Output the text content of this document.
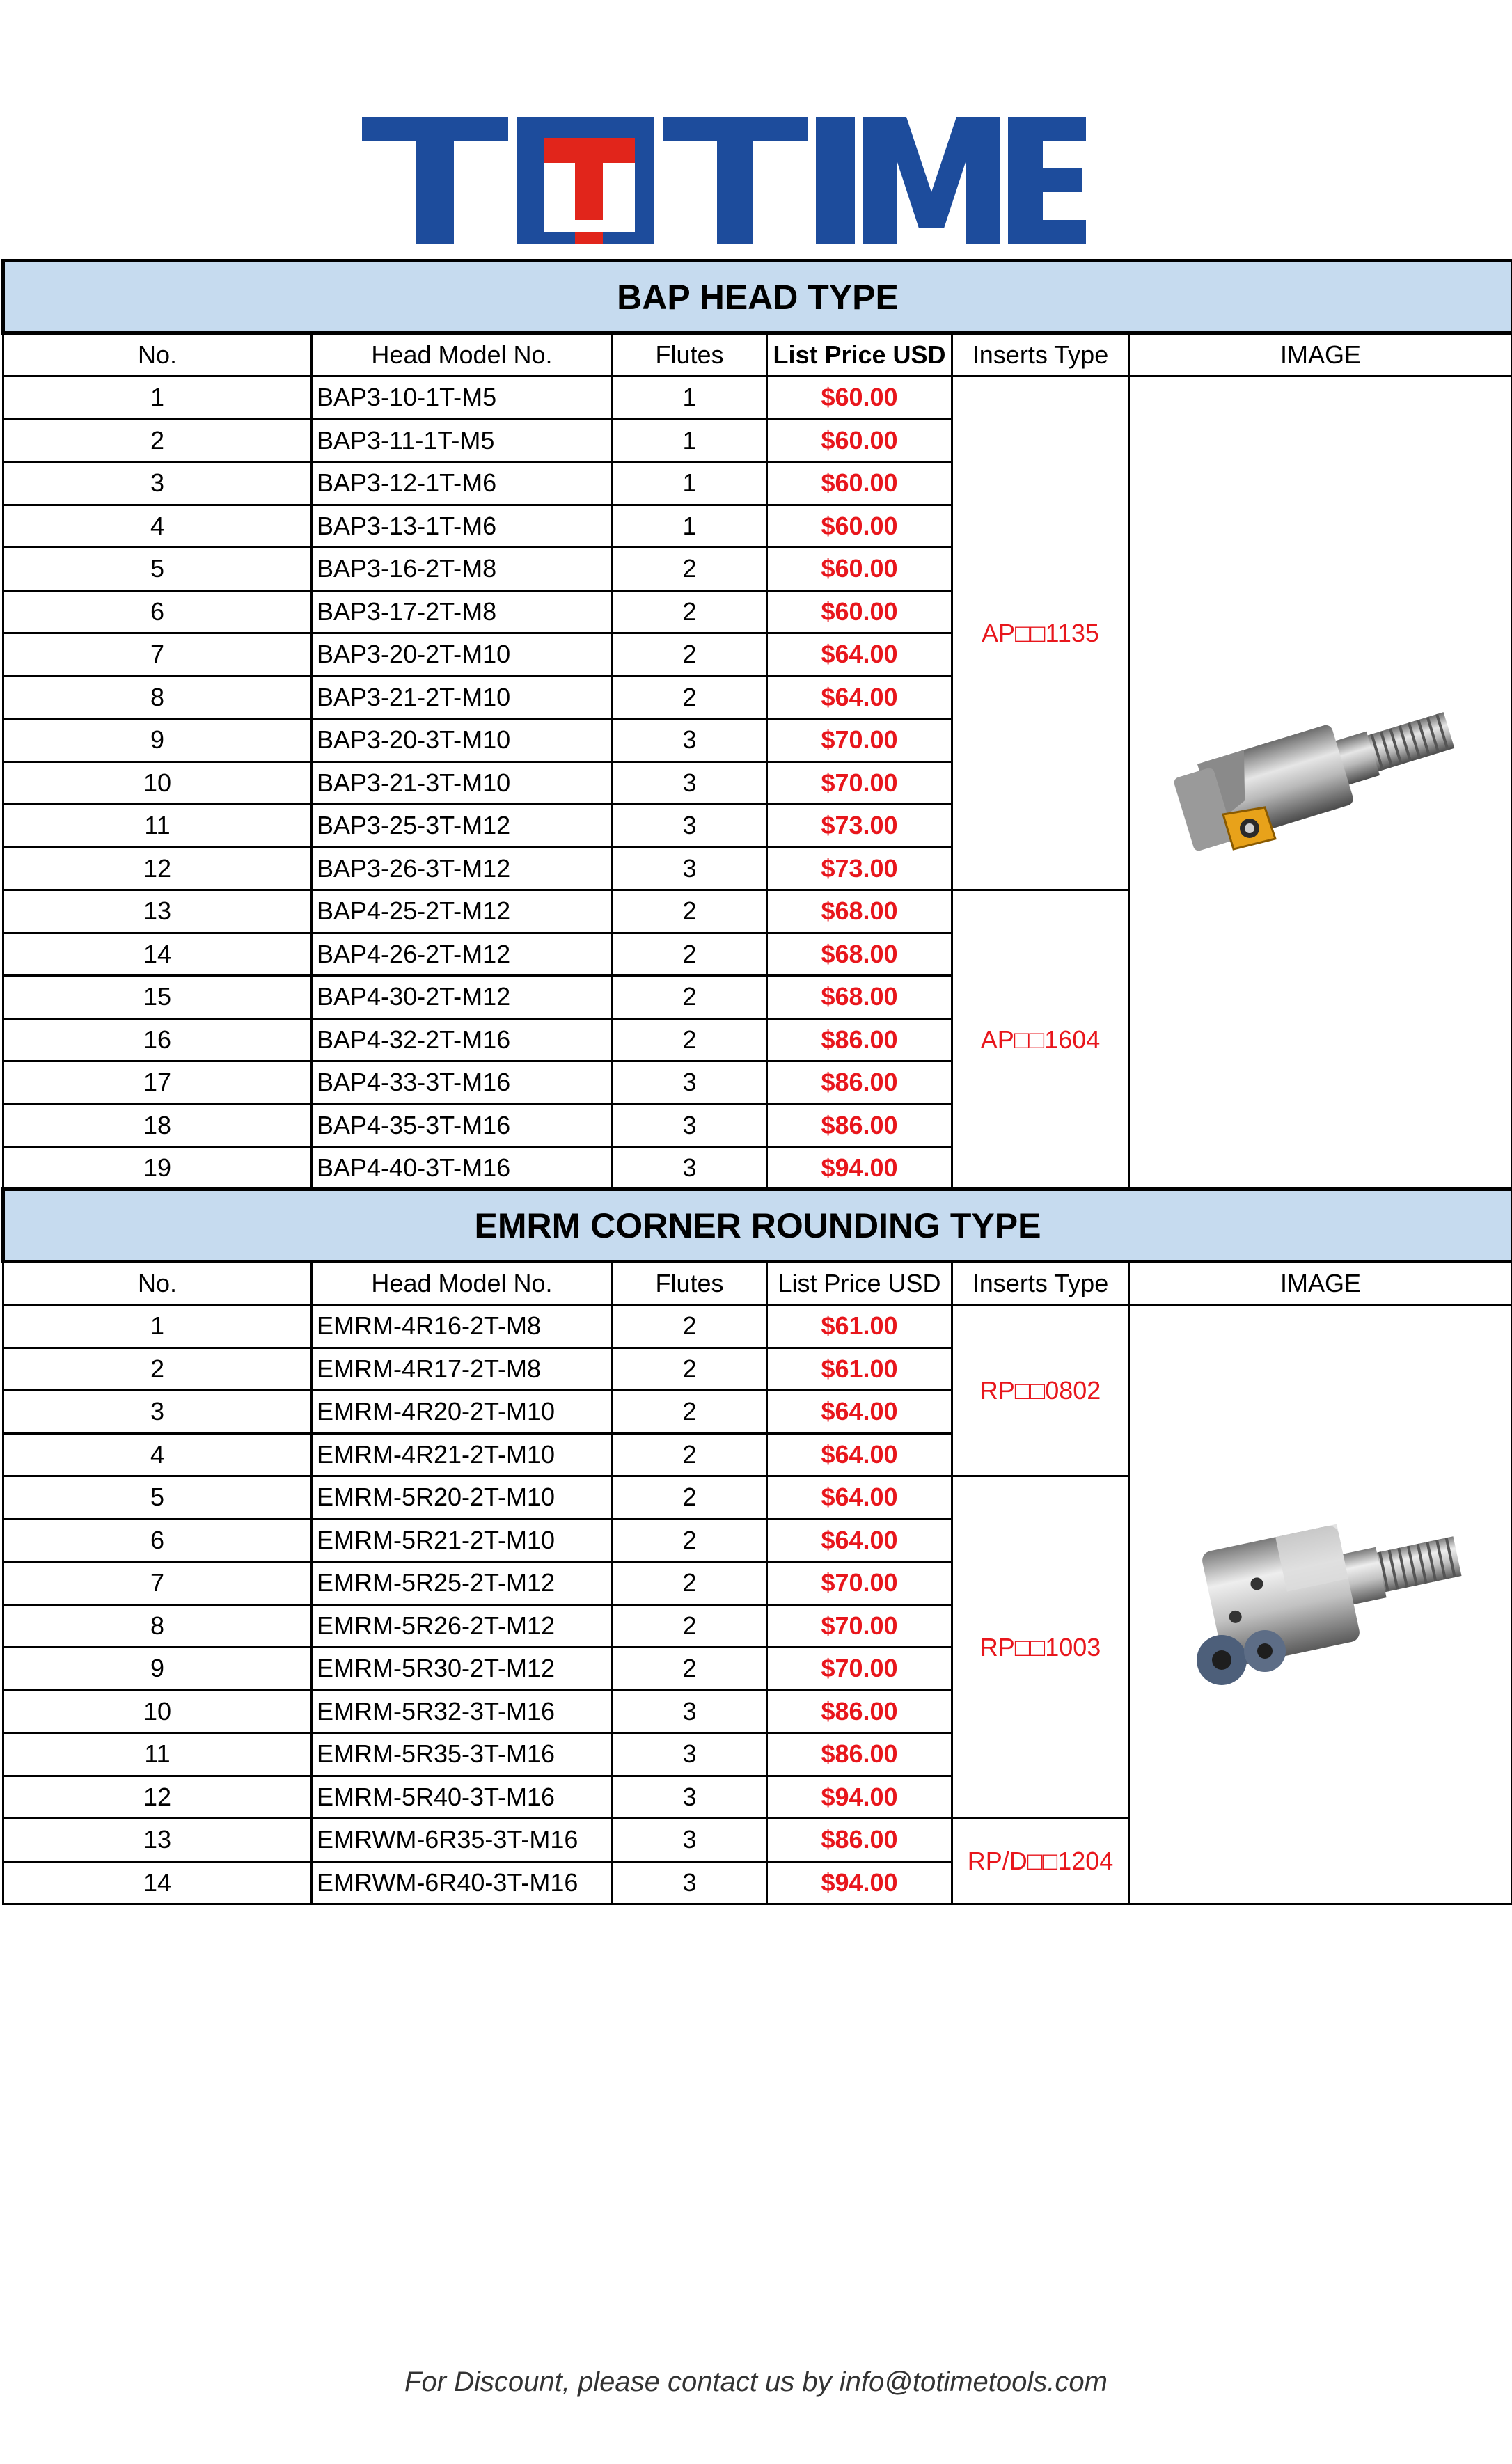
BAP HEAD TYPE					
No.	Head Model No.	Flutes	List Price USD	Inserts Type	IMAGE
1	BAP3-10-1T-M5	1	$60.00	AP□□1135	

2	BAP3-11-1T-M5	1	$60.00		
3	BAP3-12-1T-M6	1	$60.00		
4	BAP3-13-1T-M6	1	$60.00		
5	BAP3-16-2T-M8	2	$60.00		
6	BAP3-17-2T-M8	2	$60.00		
7	BAP3-20-2T-M10	2	$64.00		
8	BAP3-21-2T-M10	2	$64.00		
9	BAP3-20-3T-M10	3	$70.00		
10	BAP3-21-3T-M10	3	$70.00		
11	BAP3-25-3T-M12	3	$73.00		
12	BAP3-26-3T-M12	3	$73.00		
13	BAP4-25-2T-M12	2	$68.00	AP□□1604	
14	BAP4-26-2T-M12	2	$68.00		
15	BAP4-30-2T-M12	2	$68.00		
16	BAP4-32-2T-M16	2	$86.00		
17	BAP4-33-3T-M16	3	$86.00		
18	BAP4-35-3T-M16	3	$86.00		
19	BAP4-40-3T-M16	3	$94.00		
EMRM CORNER ROUNDING TYPE					
No.	Head Model No.	Flutes	List Price USD	Inserts Type	IMAGE
1	EMRM-4R16-2T-M8	2	$61.00	RP□□0802	

2	EMRM-4R17-2T-M8	2	$61.00		
3	EMRM-4R20-2T-M10	2	$64.00		
4	EMRM-4R21-2T-M10	2	$64.00		
5	EMRM-5R20-2T-M10	2	$64.00	RP□□1003	
6	EMRM-5R21-2T-M10	2	$64.00		
7	EMRM-5R25-2T-M12	2	$70.00		
8	EMRM-5R26-2T-M12	2	$70.00		
9	EMRM-5R30-2T-M12	2	$70.00		
10	EMRM-5R32-3T-M16	3	$86.00		
11	EMRM-5R35-3T-M16	3	$86.00		
12	EMRM-5R40-3T-M16	3	$94.00		
13	EMRWM-6R35-3T-M16	3	$86.00	RP/D□□1204	
14	EMRWM-6R40-3T-M16	3	$94.00		
For Discount, please contact us by info@totimetools.com
